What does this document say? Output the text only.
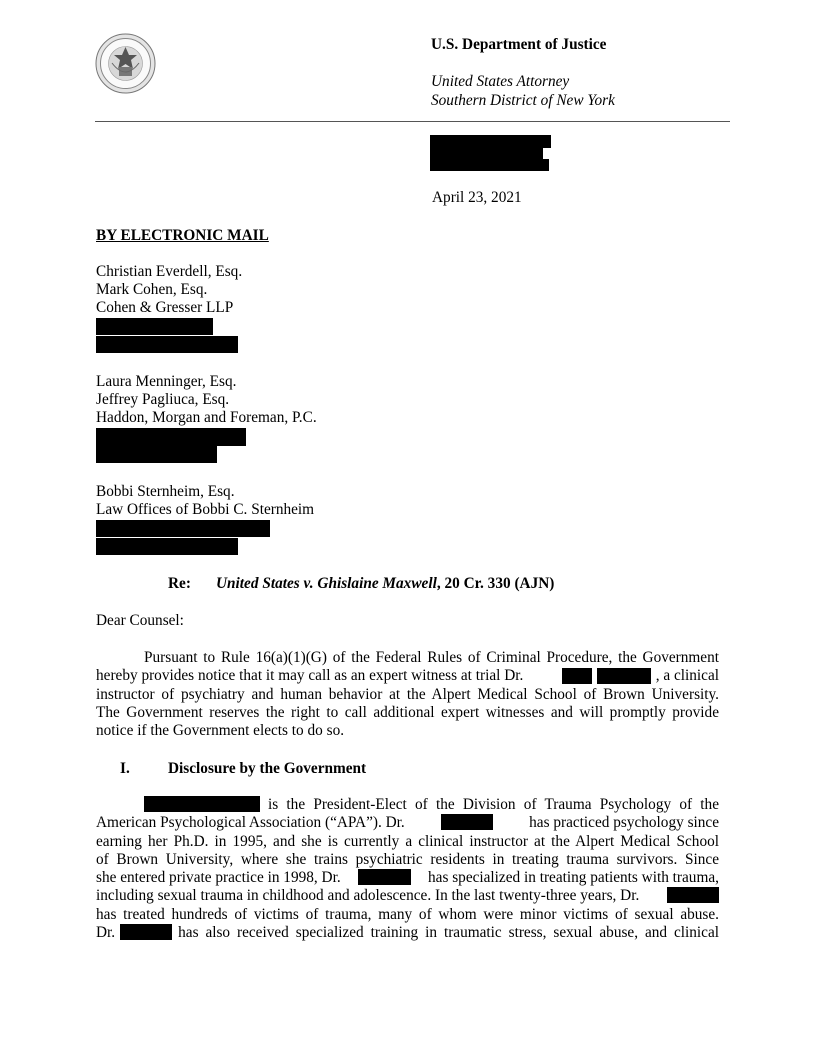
U.S. Department of Justice
United States Attorney
Southern District of New York
April 23, 2021
BY ELECTRONIC MAIL
Christian Everdell, Esq.
Mark Cohen, Esq.
Cohen & Gresser LLP
Laura Menninger, Esq.
Jeffrey Pagliuca, Esq.
Haddon, Morgan and Foreman, P.C.
Bobbi Sternheim, Esq.
Law Offices of Bobbi C. Sternheim
Re: United States v. Ghislaine Maxwell, 20 Cr. 330 (AJN)
Dear Counsel:
Pursuant to Rule 16(a)(1)(G) of the Federal Rules of Criminal Procedure, the Government
hereby provides notice that it may call as an expert witness at trial Dr.	, a clinical
instructor of psychiatry and human behavior at the Alpert Medical School of Brown University.
The Government reserves the right to call additional expert witnesses and will promptly provide
notice if the Government elects to do so.
I. Disclosure by the Government
is the President-Elect of the Division of Trauma Psychology of the
American Psychological Association (“APA”). Dr.	has practiced psychology since
earning her Ph.D. in 1995, and she is currently a clinical instructor at the Alpert Medical School
of Brown University, where she trains psychiatric residents in treating trauma survivors. Since
she entered private practice in 1998, Dr.	has specialized in treating patients with trauma,
including sexual trauma in childhood and adolescence. In the last twenty-three years, Dr.
has treated hundreds of victims of trauma, many of whom were minor victims of sexual abuse.
Dr.	has also received specialized training in traumatic stress, sexual abuse, and clinical
